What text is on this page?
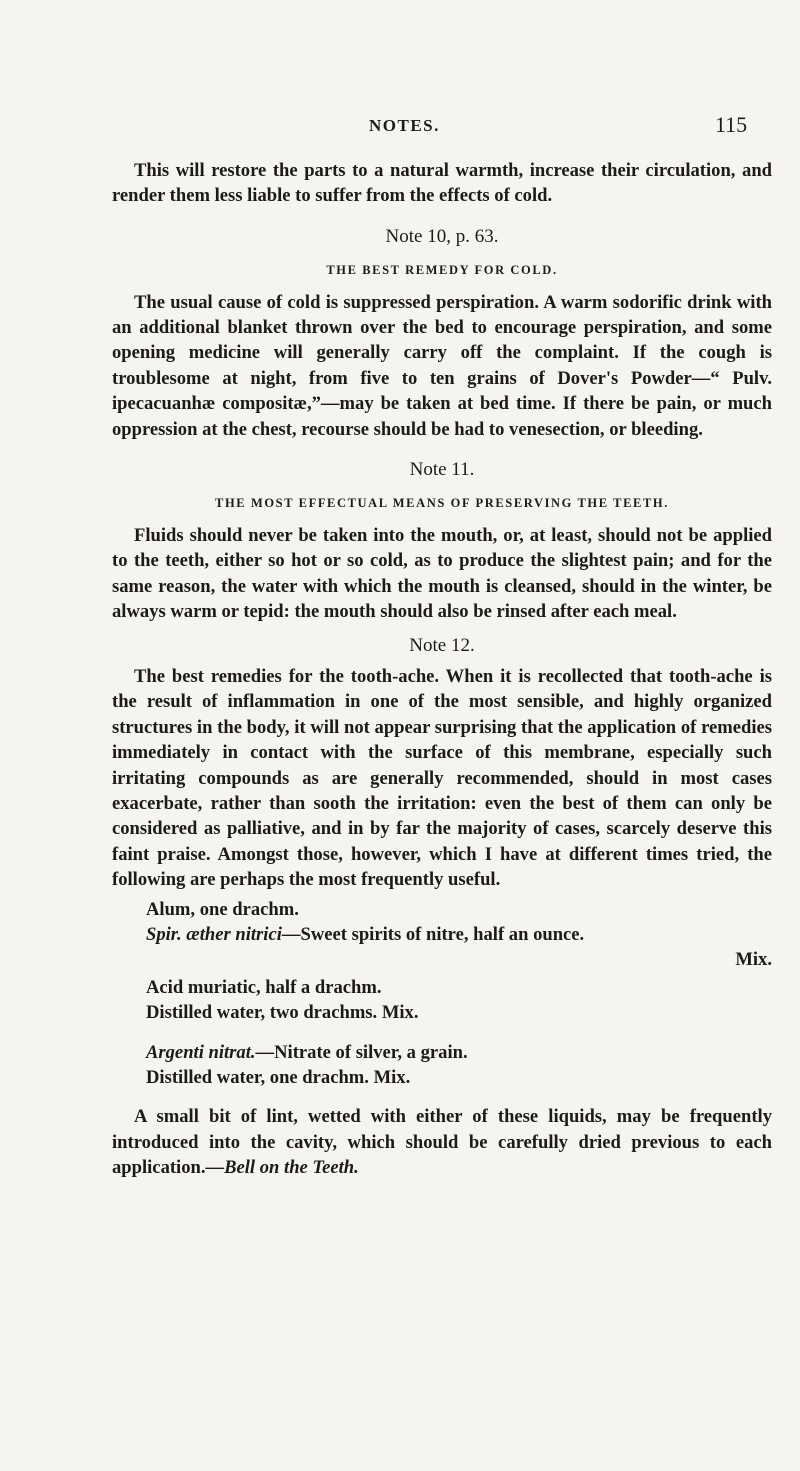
NOTES.	115

This will restore the parts to a natural warmth, increase their circulation, and render them less liable to suffer from the effects of cold.

Note 10, p. 63.

THE BEST REMEDY FOR COLD.

The usual cause of cold is suppressed perspiration. A warm sodorific drink with an additional blanket thrown over the bed to encourage perspiration, and some opening medicine will generally carry off the complaint. If the cough is troublesome at night, from five to ten grains of Dover's Powder—“ Pulv. ipecacuanhæ compositæ,”—may be taken at bed time. If there be pain, or much oppression at the chest, recourse should be had to venesection, or bleeding.

Note 11.

THE MOST EFFECTUAL MEANS OF PRESERVING THE TEETH.

Fluids should never be taken into the mouth, or, at least, should not be applied to the teeth, either so hot or so cold, as to produce the slightest pain; and for the same reason, the water with which the mouth is cleansed, should in the winter, be always warm or tepid: the mouth should also be rinsed after each meal.

Note 12.

The best remedies for the tooth-ache. When it is recollected that tooth-ache is the result of inflammation in one of the most sensible, and highly organized structures in the body, it will not appear surprising that the application of remedies immediately in contact with the surface of this membrane, especially such irritating compounds as are generally recommended, should in most cases exacerbate, rather than sooth the irritation: even the best of them can only be considered as palliative, and in by far the majority of cases, scarcely deserve this faint praise. Amongst those, however, which I have at different times tried, the following are perhaps the most frequently useful.

Alum, one drachm.

Spir. æther nitrici—Sweet spirits of nitre, half an ounce.

Mix.

Acid muriatic, half a drachm.

Distilled water, two drachms. Mix.

Argenti nitrat.—Nitrate of silver, a grain.

Distilled water, one drachm. Mix.

A small bit of lint, wetted with either of these liquids, may be frequently introduced into the cavity, which should be carefully dried previous to each application.—Bell on the Teeth.
